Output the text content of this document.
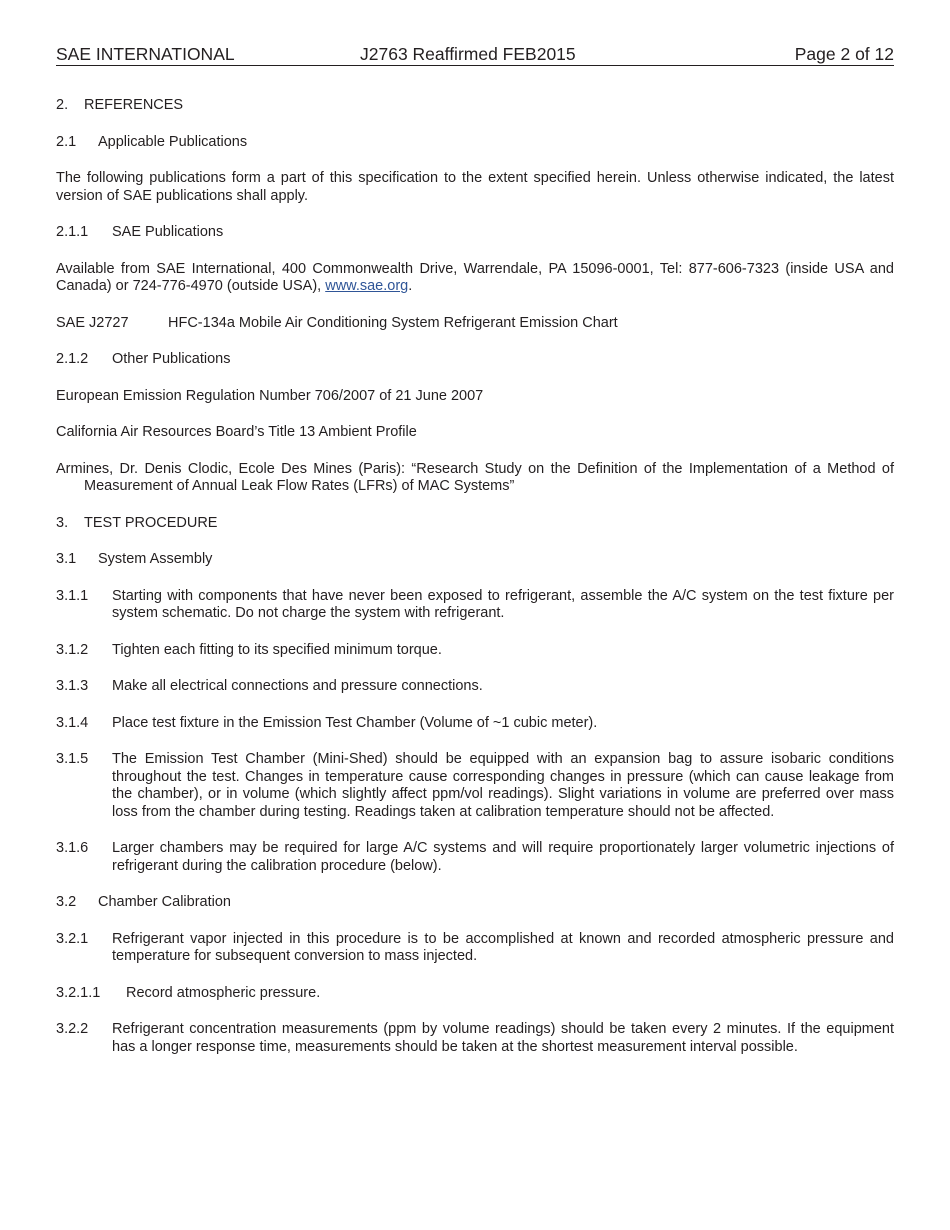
SAE INTERNATIONAL	J2763 Reaffirmed FEB2015	Page 2 of 12
2. REFERENCES
2.1 Applicable Publications

The following publications form a part of this specification to the extent specified herein. Unless otherwise indicated, the latest version of SAE publications shall apply.

2.1.1 SAE Publications

Available from SAE International, 400 Commonwealth Drive, Warrendale, PA 15096-0001, Tel: 877-606-7323 (inside USA and Canada) or 724-776-4970 (outside USA), www.sae.org.

SAE J2727	HFC-134a Mobile Air Conditioning System Refrigerant Emission Chart
2.1.2 Other Publications

European Emission Regulation Number 706/2007 of 21 June 2007

California Air Resources Board’s Title 13 Ambient Profile

Armines, Dr. Denis Clodic, Ecole Des Mines (Paris): “Research Study on the Definition of the Implementation of a Method of Measurement of Annual Leak Flow Rates (LFRs) of MAC Systems”

3. TEST PROCEDURE
3.1 System Assembly

3.1.1 Starting with components that have never been exposed to refrigerant, assemble the A/C system on the test fixture per system schematic. Do not charge the system with refrigerant.

3.1.2 Tighten each fitting to its specified minimum torque.

3.1.3 Make all electrical connections and pressure connections.

3.1.4 Place test fixture in the Emission Test Chamber (Volume of ~1 cubic meter).

3.1.5 The Emission Test Chamber (Mini-Shed) should be equipped with an expansion bag to assure isobaric conditions throughout the test. Changes in temperature cause corresponding changes in pressure (which can cause leakage from the chamber), or in volume (which slightly affect ppm/vol readings). Slight variations in volume are preferred over mass loss from the chamber during testing. Readings taken at calibration temperature should not be affected.

3.1.6 Larger chambers may be required for large A/C systems and will require proportionately larger volumetric injections of refrigerant during the calibration procedure (below).

3.2 Chamber Calibration

3.2.1 Refrigerant vapor injected in this procedure is to be accomplished at known and recorded atmospheric pressure and temperature for subsequent conversion to mass injected.

3.2.1.1 Record atmospheric pressure.

3.2.2 Refrigerant concentration measurements (ppm by volume readings) should be taken every 2 minutes. If the equipment has a longer response time, measurements should be taken at the shortest measurement interval possible.
